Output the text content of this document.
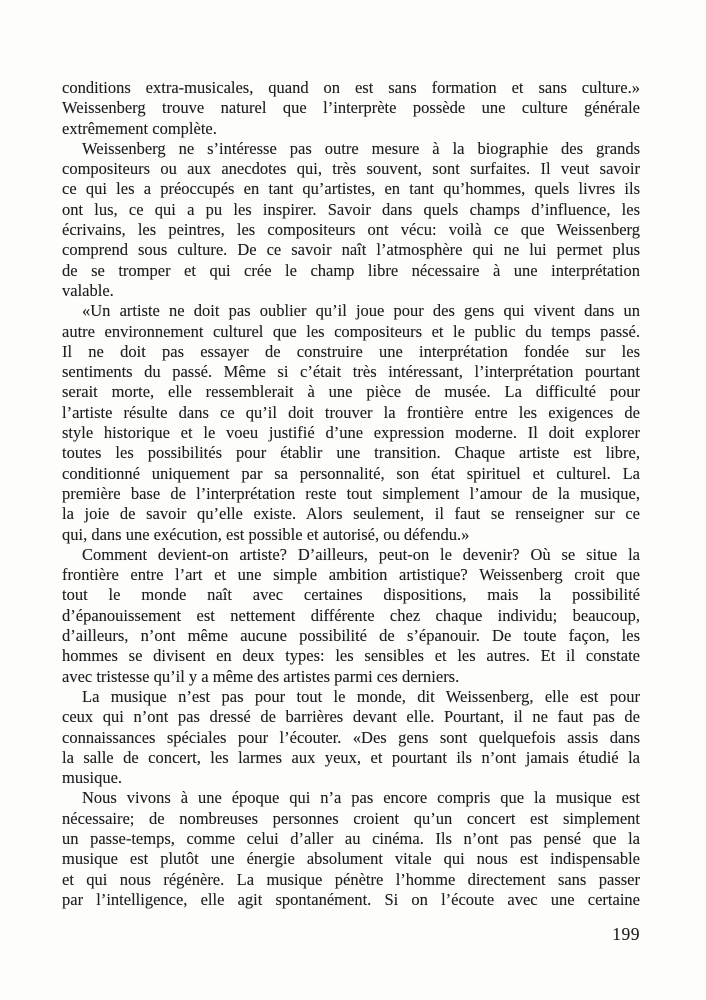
conditions extra-musicales, quand on est sans formation et sans culture.»
Weissenberg trouve naturel que l’interprète possède une culture générale
extrêmement complète.
Weissenberg ne s’intéresse pas outre mesure à la biographie des grands
compositeurs ou aux anecdotes qui, très souvent, sont surfaites. Il veut savoir
ce qui les a préoccupés en tant qu’artistes, en tant qu’hommes, quels livres ils
ont lus, ce qui a pu les inspirer. Savoir dans quels champs d’influence, les
écrivains, les peintres, les compositeurs ont vécu: voilà ce que Weissenberg
comprend sous culture. De ce savoir naît l’atmosphère qui ne lui permet plus
de se tromper et qui crée le champ libre nécessaire à une interprétation
valable.
«Un artiste ne doit pas oublier qu’il joue pour des gens qui vivent dans un
autre environnement culturel que les compositeurs et le public du temps passé.
Il ne doit pas essayer de construire une interprétation fondée sur les
sentiments du passé. Même si c’était très intéressant, l’interprétation pourtant
serait morte, elle ressemblerait à une pièce de musée. La difficulté pour
l’artiste résulte dans ce qu’il doit trouver la frontière entre les exigences de
style historique et le voeu justifié d’une expression moderne. Il doit explorer
toutes les possibilités pour établir une transition. Chaque artiste est libre,
conditionné uniquement par sa personnalité, son état spirituel et culturel. La
première base de l’interprétation reste tout simplement l’amour de la musique,
la joie de savoir qu’elle existe. Alors seulement, il faut se renseigner sur ce
qui, dans une exécution, est possible et autorisé, ou défendu.»
Comment devient-on artiste? D’ailleurs, peut-on le devenir? Où se situe la
frontière entre l’art et une simple ambition artistique? Weissenberg croit que
tout le monde naît avec certaines dispositions, mais la possibilité
d’épanouissement est nettement différente chez chaque individu; beaucoup,
d’ailleurs, n’ont même aucune possibilité de s’épanouir. De toute façon, les
hommes se divisent en deux types: les sensibles et les autres. Et il constate
avec tristesse qu’il y a même des artistes parmi ces derniers.
La musique n’est pas pour tout le monde, dit Weissenberg, elle est pour
ceux qui n’ont pas dressé de barrières devant elle. Pourtant, il ne faut pas de
connaissances spéciales pour l’écouter. «Des gens sont quelquefois assis dans
la salle de concert, les larmes aux yeux, et pourtant ils n’ont jamais étudié la
musique.
Nous vivons à une époque qui n’a pas encore compris que la musique est
nécessaire; de nombreuses personnes croient qu’un concert est simplement
un passe-temps, comme celui d’aller au cinéma. Ils n’ont pas pensé que la
musique est plutôt une énergie absolument vitale qui nous est indispensable
et qui nous régénère. La musique pénètre l’homme directement sans passer
par l’intelligence, elle agit spontanément. Si on l’écoute avec une certaine
199
